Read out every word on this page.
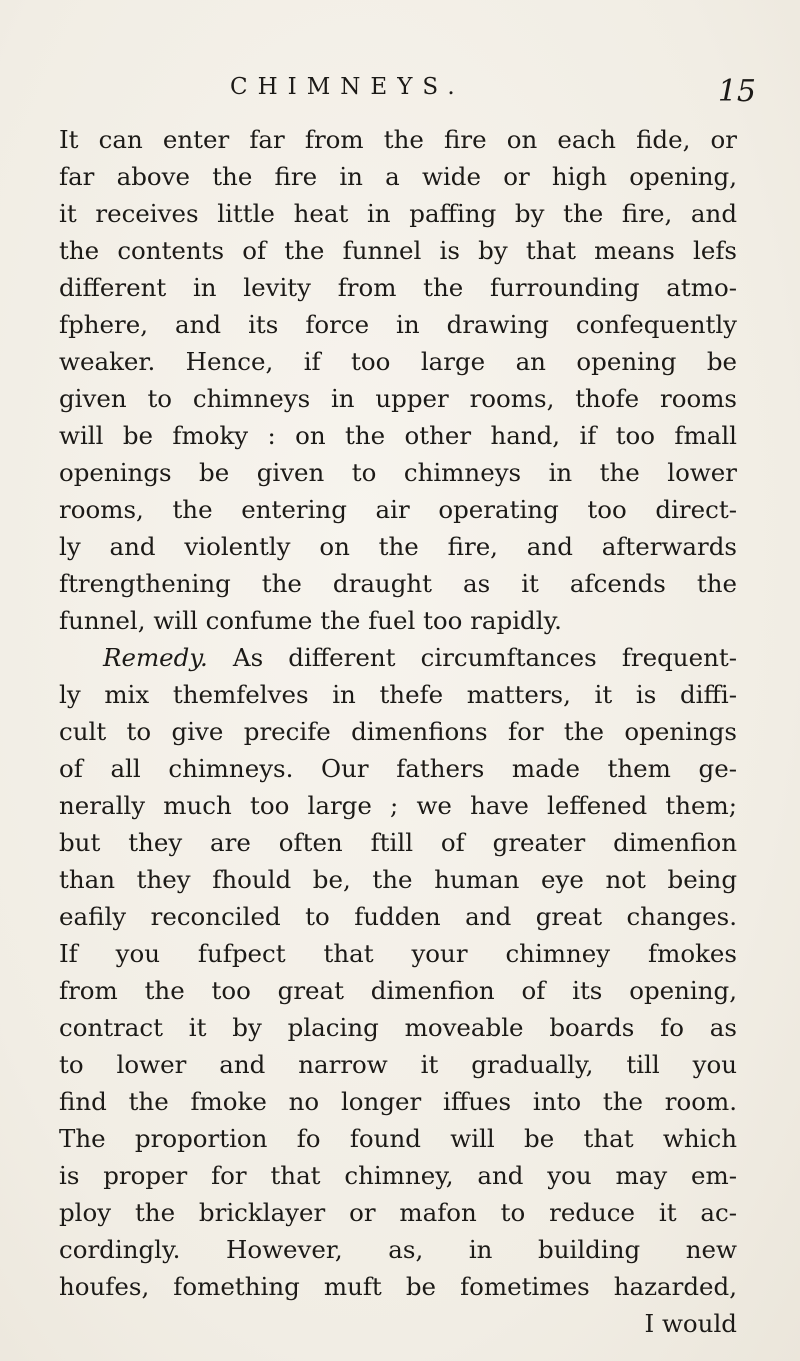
CHIMNEYS.	15
It can enter far from the fire on each fide, or
far above the fire in a wide or high opening,
it receives little heat in paffing by the fire, and
the contents of the funnel is by that means lefs
different in levity from the furrounding atmo-
fphere, and its force in drawing confequently
weaker. Hence, if too large an opening be
given to chimneys in upper rooms, thofe rooms
will be fmoky : on the other hand, if too fmall
openings be given to chimneys in the lower
rooms, the entering air operating too direct-
ly and violently on the fire, and afterwards
ftrengthening the draught as it afcends the
funnel, will confume the fuel too rapidly.
Remedy. As different circumftances frequent-
ly mix themfelves in thefe matters, it is diffi-
cult to give precife dimenfions for the openings
of all chimneys. Our fathers made them ge-
nerally much too large ; we have leffened them;
but they are often ftill of greater dimenfion
than they fhould be, the human eye not being
eafily reconciled to fudden and great changes.
If you fufpect that your chimney fmokes
from the too great dimenfion of its opening,
contract it by placing moveable boards fo as
to lower and narrow it gradually, till you
find the fmoke no longer iffues into the room.
The proportion fo found will be that which
is proper for that chimney, and you may em-
ploy the bricklayer or mafon to reduce it ac-
cordingly. However, as, in building new
houfes, fomething muft be fometimes hazarded,
I would
